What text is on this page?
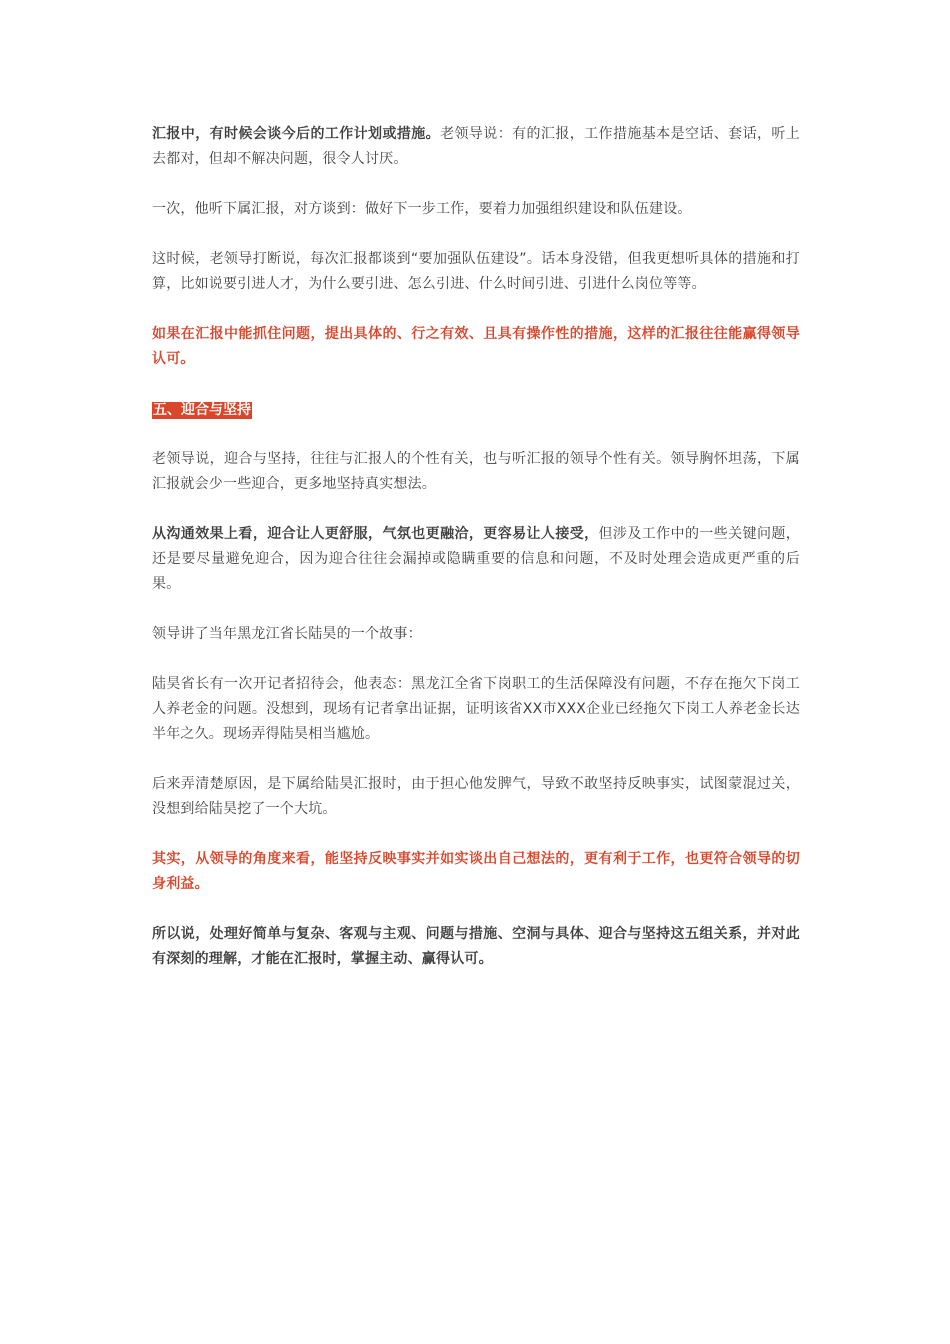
汇报中，有时候会谈今后的工作计划或措施。老领导说：有的汇报，工作措施基本是空话、套话，听上去都对，但却不解决问题，很令人讨厌。

一次，他听下属汇报，对方谈到：做好下一步工作，要着力加强组织建设和队伍建设。

这时候，老领导打断说，每次汇报都谈到“要加强队伍建设”。话本身没错，但我更想听具体的措施和打算，比如说要引进人才，为什么要引进、怎么引进、什么时间引进、引进什么岗位等等。

如果在汇报中能抓住问题，提出具体的、行之有效、且具有操作性的措施，这样的汇报往往能赢得领导认可。

五、迎合与坚持

老领导说，迎合与坚持，往往与汇报人的个性有关，也与听汇报的领导个性有关。领导胸怀坦荡，下属汇报就会少一些迎合，更多地坚持真实想法。

从沟通效果上看，迎合让人更舒服，气氛也更融洽，更容易让人接受，但涉及工作中的一些关键问题，还是要尽量避免迎合，因为迎合往往会漏掉或隐瞒重要的信息和问题，不及时处理会造成更严重的后果。

领导讲了当年黑龙江省长陆昊的一个故事：

陆昊省长有一次开记者招待会，他表态：黑龙江全省下岗职工的生活保障没有问题，不存在拖欠下岗工人养老金的问题。没想到，现场有记者拿出证据，证明该省XX市XXX企业已经拖欠下岗工人养老金长达半年之久。现场弄得陆昊相当尴尬。

后来弄清楚原因，是下属给陆昊汇报时，由于担心他发脾气，导致不敢坚持反映事实，试图蒙混过关，没想到给陆昊挖了一个大坑。

其实，从领导的角度来看，能坚持反映事实并如实谈出自己想法的，更有利于工作，也更符合领导的切身利益。

所以说，处理好简单与复杂、客观与主观、问题与措施、空洞与具体、迎合与坚持这五组关系，并对此有深刻的理解，才能在汇报时，掌握主动、赢得认可。
